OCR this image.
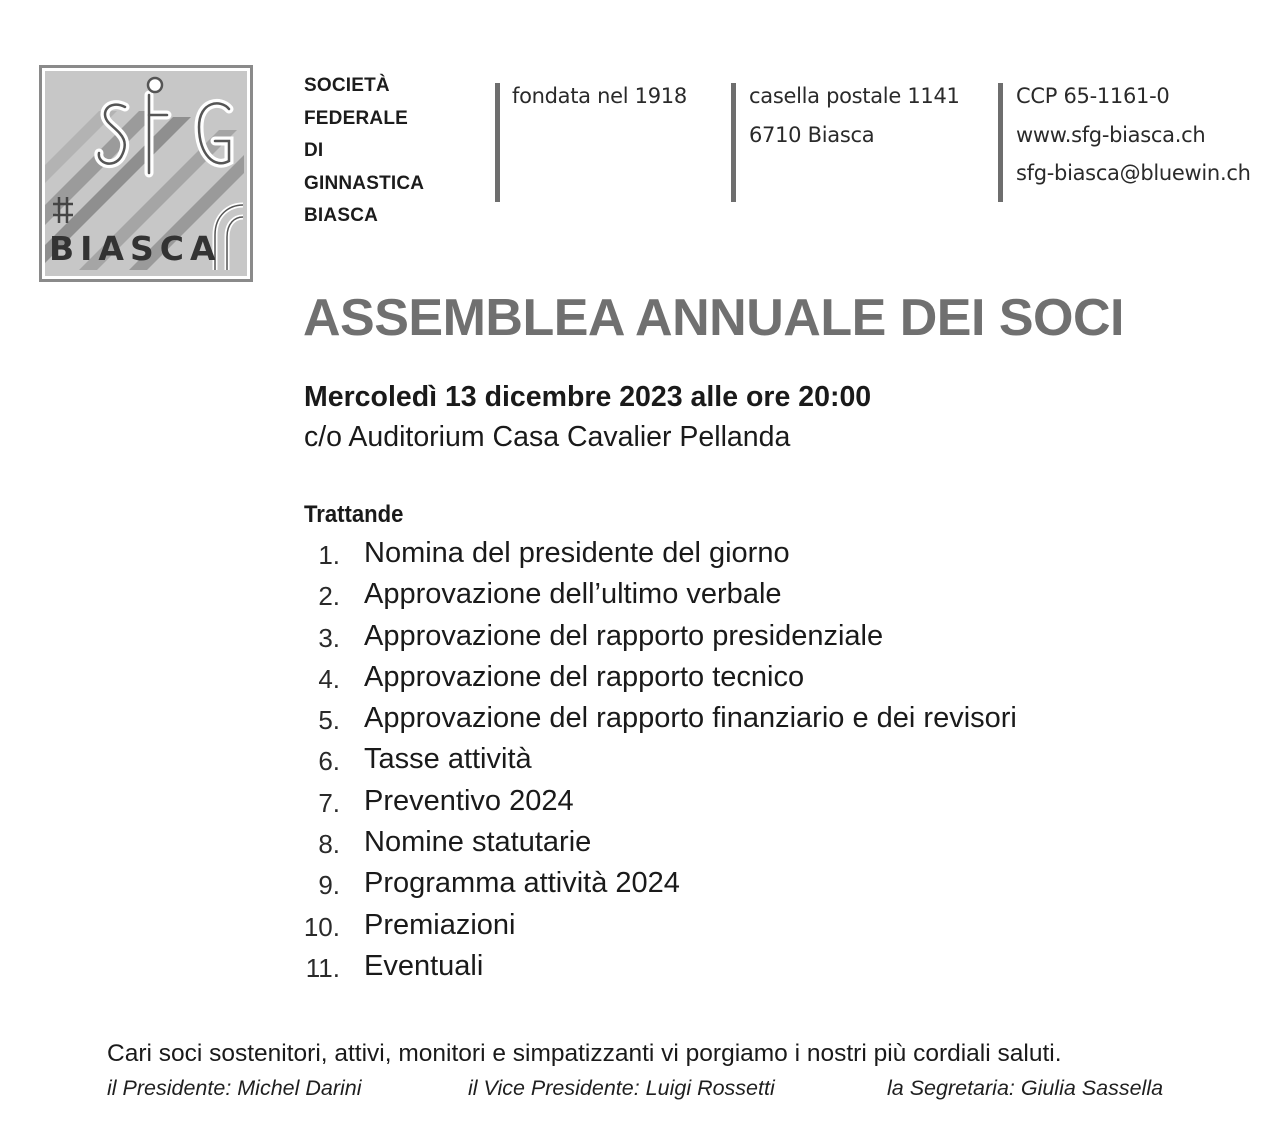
BIASCA
SOCIETÀ
FEDERALE
DI
GINNASTICA
BIASCA
fondata nel 1918	casella postale 1141
6710 Biasca
CCP 65-1161-0
www.sfg-biasca.ch
sfg-biasca@bluewin.ch
ASSEMBLEA ANNUALE DEI SOCI
Mercoledì 13 dicembre 2023 alle ore 20:00
c/o Auditorium Casa Cavalier Pellanda
Trattande
1. Nomina del presidente del giorno
2. Approvazione dell’ultimo verbale
3. Approvazione del rapporto presidenziale
4. Approvazione del rapporto tecnico
5. Approvazione del rapporto finanziario e dei revisori
6. Tasse attività
7. Preventivo 2024
8. Nomine statutarie
9. Programma attività 2024
10. Premiazioni
11. Eventuali
Cari soci sostenitori, attivi, monitori e simpatizzanti vi porgiamo i nostri più cordiali saluti.
il Presidente: Michel Darini	il Vice Presidente: Luigi Rossetti	la Segretaria: Giulia Sassella
